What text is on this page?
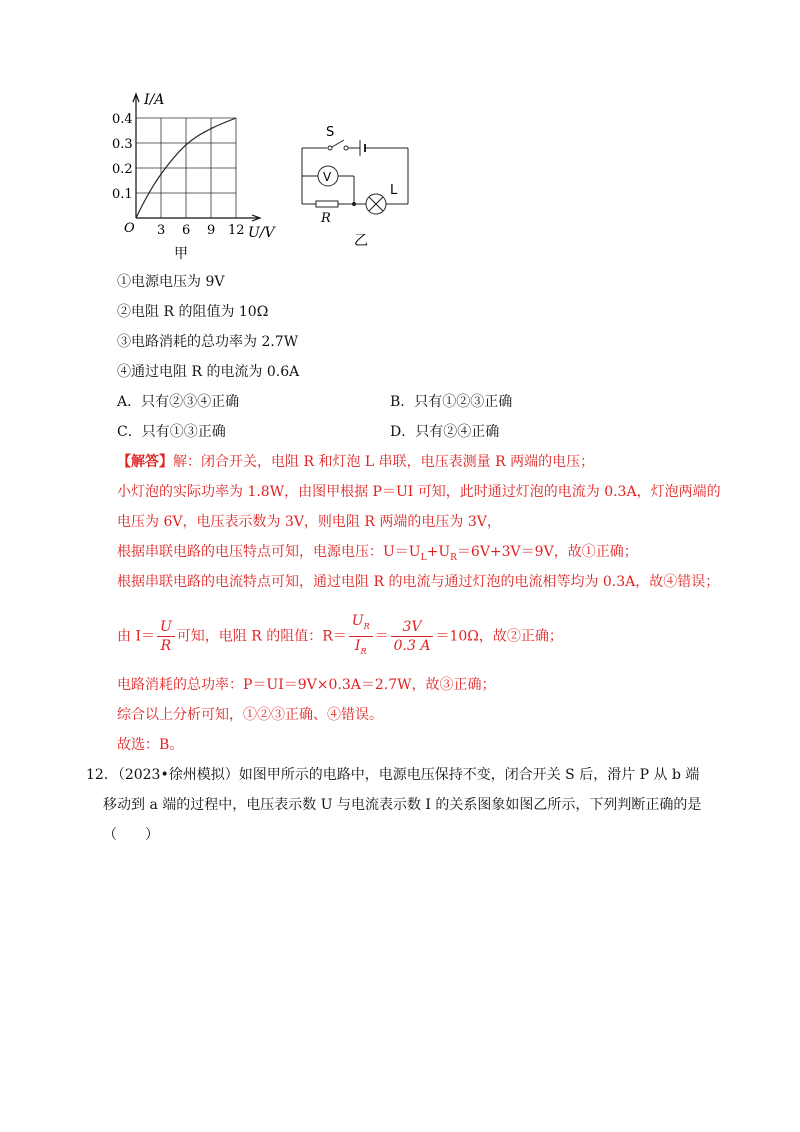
I/A
U/V
O
0.1
0.2
0.3
0.4
3 6 9 12
甲
S
V
R
L
乙
①电源电压为 9V
②电阻 R 的阻值为 10Ω
③电路消耗的总功率为 2.7W
④通过电阻 R 的电流为 0.6A
A．只有②③④正确	B．只有①②③正确
C．只有①③正确	D．只有②④正确
【解答】解：闭合开关，电阻 R 和灯泡 L 串联，电压表测量 R 两端的电压；
小灯泡的实际功率为 1.8W，由图甲根据 P＝UI 可知，此时通过灯泡的电流为 0.3A，灯泡两端的
电压为 6V，电压表示数为 3V，则电阻 R 两端的电压为 3V，
根据串联电路的电压特点可知，电源电压：$U=U_L+U_R=6V+3V=9V$，故①正确；
根据串联电路的电流特点可知，通过电阻 R 的电流与通过灯泡的电流相等均为 0.3A，故④错误；
由 $I= \frac{U}{R}$ 可知，电阻 R 的阻值：$R= \frac{U_R}{I_R} = \frac{3V}{0.3 A} =10\Omega$，故②正确；
电路消耗的总功率：P＝UI＝9V×0.3A＝2.7W，故③正确；
综合以上分析可知，①②③正确、④错误。
故选：B。
12．（2023•徐州模拟）如图甲所示的电路中，电源电压保持不变，闭合开关 S 后，滑片 P 从 b 端
移动到 a 端的过程中，电压表示数 U 与电流表示数 I 的关系图象如图乙所示，下列判断正确的是
（　　）
